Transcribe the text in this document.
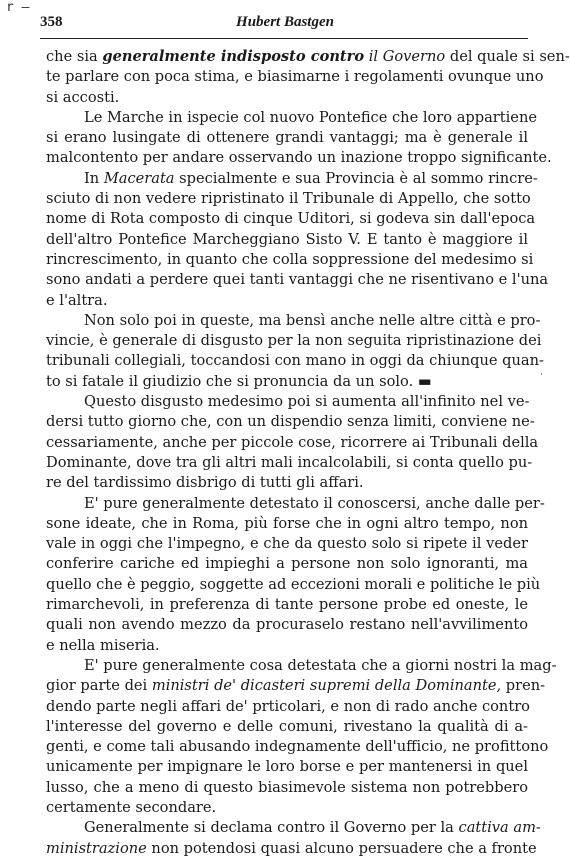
r —
358	Hubert Bastgen
che sia generalmente indisposto contro il Governo del quale si sen-
te parlare con poca stima, e biasimarne i regolamenti ovunque uno
si accosti.
Le Marche in ispecie col nuovo Pontefice che loro appartiene
si erano lusingate di ottenere grandi vantaggi; ma è generale il
malcontento per andare osservando un inazione troppo significante.
In Macerata specialmente e sua Provincia è al sommo rincre-
sciuto di non vedere ripristinato il Tribunale di Appello, che sotto
nome di Rota composto di cinque Uditori, si godeva sin dall'epoca
dell'altro Pontefice Marcheggiano Sisto V. E tanto è maggiore il
rincrescimento, in quanto che colla soppressione del medesimo si
sono andati a perdere quei tanti vantaggi che ne risentivano e l'una
e l'altra.
Non solo poi in queste, ma bensì anche nelle altre città e pro-
vincie, è generale di disgusto per la non seguita ripristinazione dei
tribunali collegiali, toccandosi con mano in oggi da chiunque quan-
to si fatale il giudizio che si pronuncia da un solo. ▬
Questo disgusto medesimo poi si aumenta all'infinito nel ve-
dersi tutto giorno che, con un dispendio senza limiti, conviene ne-
cessariamente, anche per piccole cose, ricorrere ai Tribunali della
Dominante, dove tra gli altri mali incalcolabili, si conta quello pu-
re del tardissimo disbrigo di tutti gli affari.
E' pure generalmente detestato il conoscersi, anche dalle per-
sone ideate, che in Roma, più forse che in ogni altro tempo, non
vale in oggi che l'impegno, e che da questo solo si ripete il veder
conferire cariche ed impieghi a persone non solo ignoranti, ma
quello che è peggio, soggette ad eccezioni morali e politiche le più
rimarchevoli, in preferenza di tante persone probe ed oneste, le
quali non avendo mezzo da procuraselo restano nell'avvilimento
e nella miseria.
E' pure generalmente cosa detestata che a giorni nostri la mag-
gior parte dei ministri de' dicasteri supremi della Dominante, pren-
dendo parte negli affari de' prticolari, e non di rado anche contro
l'interesse del governo e delle comuni, rivestano la qualità di a-
genti, e come tali abusando indegnamente dell'ufficio, ne profittono
unicamente per impignare le loro borse e per mantenersi in quel
lusso, che a meno di questo biasimevole sistema non potrebbero
certamente secondare.
Generalmente si declama contro il Governo per la cattiva am-
ministrazione non potendosi quasi alcuno persuadere che a fronte
·
